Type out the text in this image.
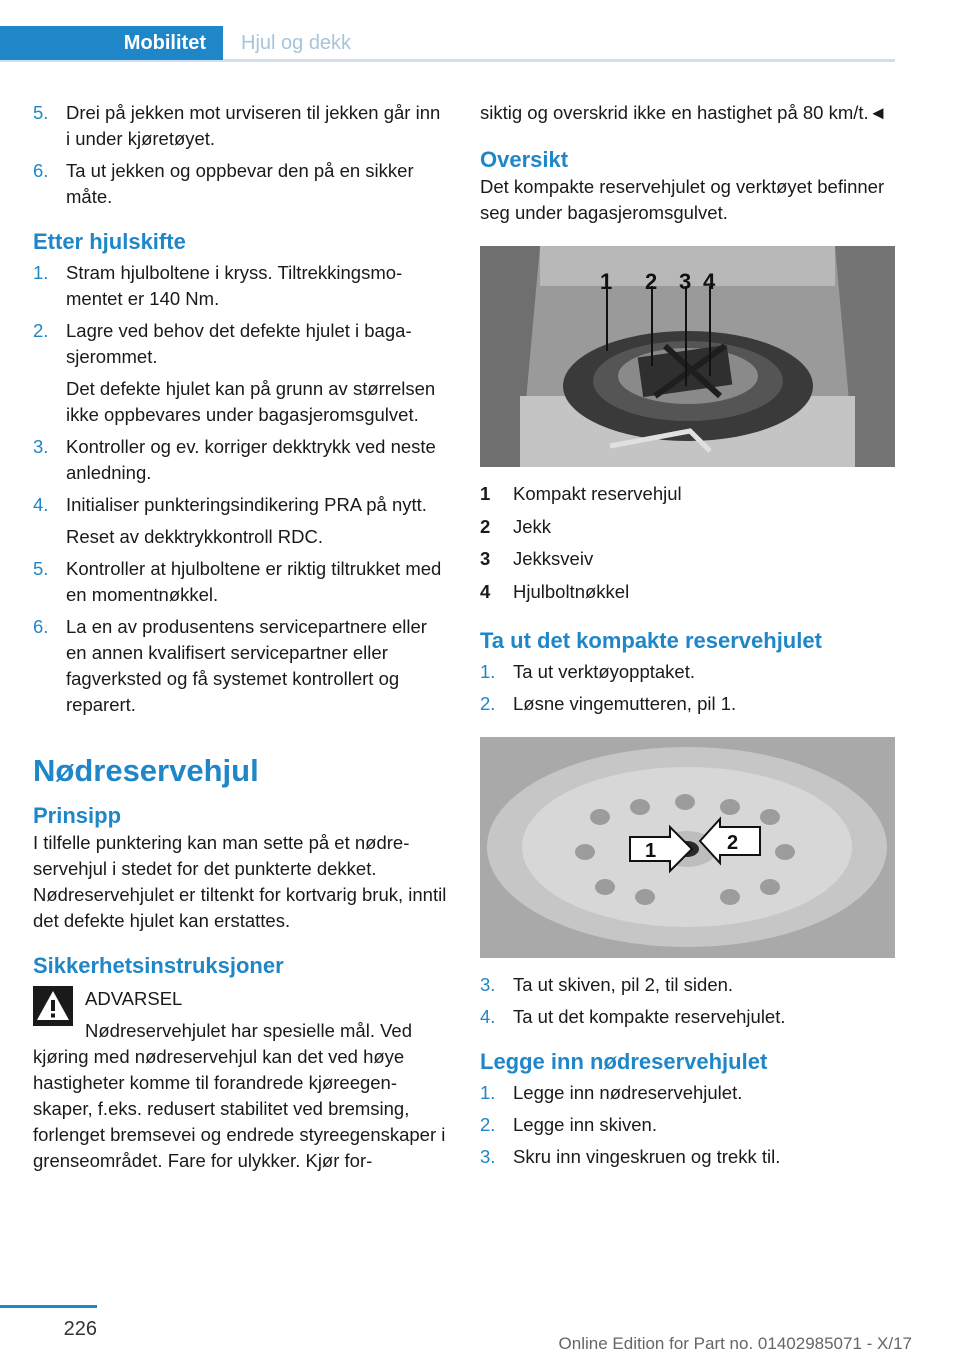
Mobilitet	Hjul og dekk
5. Drei på jekken mot urviseren til jekken går inn i under kjøretøyet.
6. Ta ut jekken og oppbevar den på en sikker måte.
Etter hjulskifte
1. Stram hjulboltene i kryss. Tiltrekkingsmomentet er 140 Nm.
2. Lagre ved behov det defekte hjulet i bagasjerommet.
Det defekte hjulet kan på grunn av størrelsen ikke oppbevares under bagasjeromsgulvet.
3. Kontroller og ev. korriger dekktrykk ved neste anledning.
4. Initialiser punkteringsindikering PRA på nytt.
Reset av dekktrykkontroll RDC.
5. Kontroller at hjulboltene er riktig tiltrukket med en momentnøkkel.
6. La en av produsentens servicepartnere eller en annen kvalifisert servicepartner eller fagverksted og få systemet kontrollert og reparert.
Nødreservehjul
Prinsipp
I tilfelle punktering kan man sette på et nødreservehjul i stedet for det punkterte dekket. Nødreservehjulet er tiltenkt for kortvarig bruk, inntil det defekte hjulet kan erstattes.
Sikkerhetsinstruksjoner
ADVARSEL
Nødreservehjulet har spesielle mål. Ved
kjøring med nødreservehjul kan det ved høye hastigheter komme til forandrede kjøreegenskaper, f.eks. redusert stabilitet ved bremsing, forlenget bremsevei og endrede styreegenskaper i grenseområdet. Fare for ulykker. Kjør for-
siktig og overskrid ikke en hastighet på 80 km/t.◄
Oversikt
Det kompakte reservehjulet og verktøyet befinner seg under bagasjeromsgulvet.
1 2 3 4
1 Kompakt reservehjul
2 Jekk
3 Jekksveiv
4 Hjulboltnøkkel
Ta ut det kompakte reservehjulet
1. Ta ut verktøyopptaket.
2. Løsne vingemutteren, pil 1.
1	2
3. Ta ut skiven, pil 2, til siden.
4. Ta ut det kompakte reservehjulet.
Legge inn nødreservehjulet
1. Legge inn nødreservehjulet.
2. Legge inn skiven.
3. Skru inn vingeskruen og trekk til.
226
Online Edition for Part no. 01402985071 - X/17
